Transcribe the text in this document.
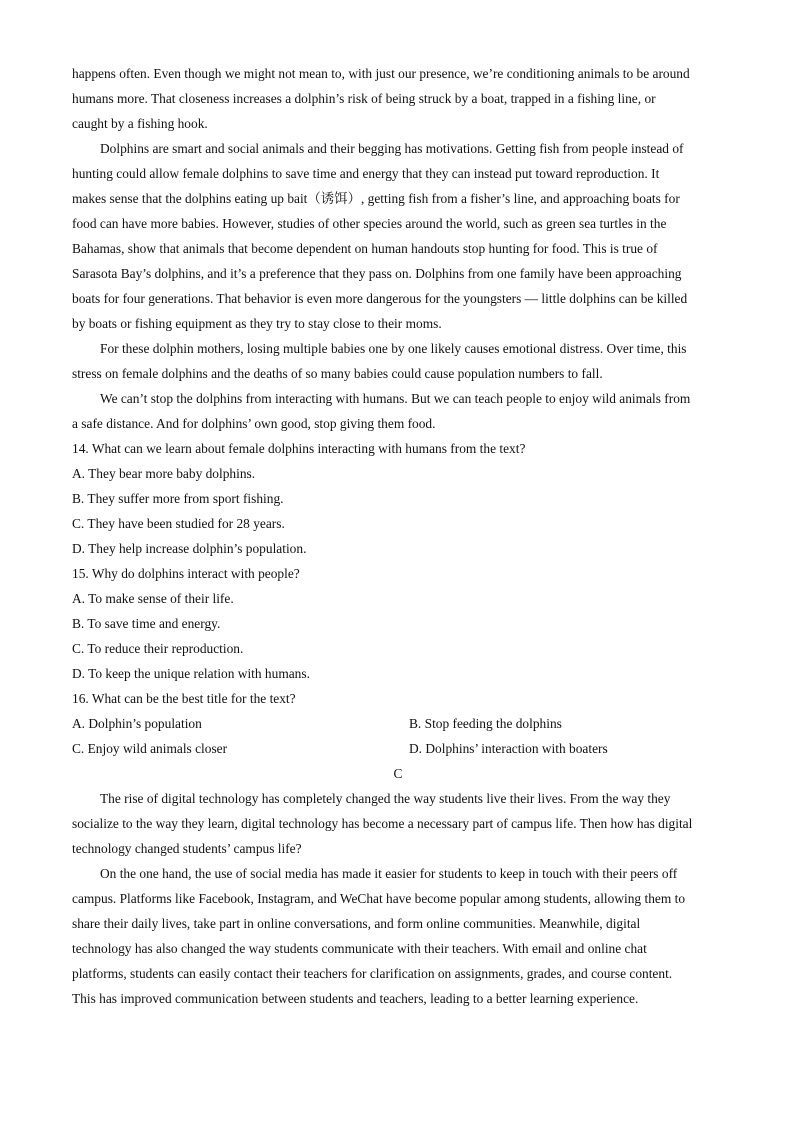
happens often. Even though we might not mean to, with just our presence, we’re conditioning animals to be around
humans more. That closeness increases a dolphin’s risk of being struck by a boat, trapped in a fishing line, or
caught by a fishing hook.
Dolphins are smart and social animals and their begging has motivations. Getting fish from people instead of
hunting could allow female dolphins to save time and energy that they can instead put toward reproduction. It
makes sense that the dolphins eating up bait（诱饵）, getting fish from a fisher’s line, and approaching boats for
food can have more babies. However, studies of other species around the world, such as green sea turtles in the
Bahamas, show that animals that become dependent on human handouts stop hunting for food. This is true of
Sarasota Bay’s dolphins, and it’s a preference that they pass on. Dolphins from one family have been approaching
boats for four generations. That behavior is even more dangerous for the youngsters — little dolphins can be killed
by boats or fishing equipment as they try to stay close to their moms.
For these dolphin mothers, losing multiple babies one by one likely causes emotional distress. Over time, this
stress on female dolphins and the deaths of so many babies could cause population numbers to fall.
We can’t stop the dolphins from interacting with humans. But we can teach people to enjoy wild animals from
a safe distance. And for dolphins’ own good, stop giving them food.
14. What can we learn about female dolphins interacting with humans from the text?
A. They bear more baby dolphins.
B. They suffer more from sport fishing.
C. They have been studied for 28 years.
D. They help increase dolphin’s population.
15. Why do dolphins interact with people?
A. To make sense of their life.
B. To save time and energy.
C. To reduce their reproduction.
D. To keep the unique relation with humans.
16. What can be the best title for the text?
A. Dolphin’s population	B. Stop feeding the dolphins
C. Enjoy wild animals closer	D. Dolphins’ interaction with boaters
C
The rise of digital technology has completely changed the way students live their lives. From the way they
socialize to the way they learn, digital technology has become a necessary part of campus life. Then how has digital
technology changed students’ campus life?
On the one hand, the use of social media has made it easier for students to keep in touch with their peers off
campus. Platforms like Facebook, Instagram, and WeChat have become popular among students, allowing them to
share their daily lives, take part in online conversations, and form online communities. Meanwhile, digital
technology has also changed the way students communicate with their teachers. With email and online chat
platforms, students can easily contact their teachers for clarification on assignments, grades, and course content.
This has improved communication between students and teachers, leading to a better learning experience.
